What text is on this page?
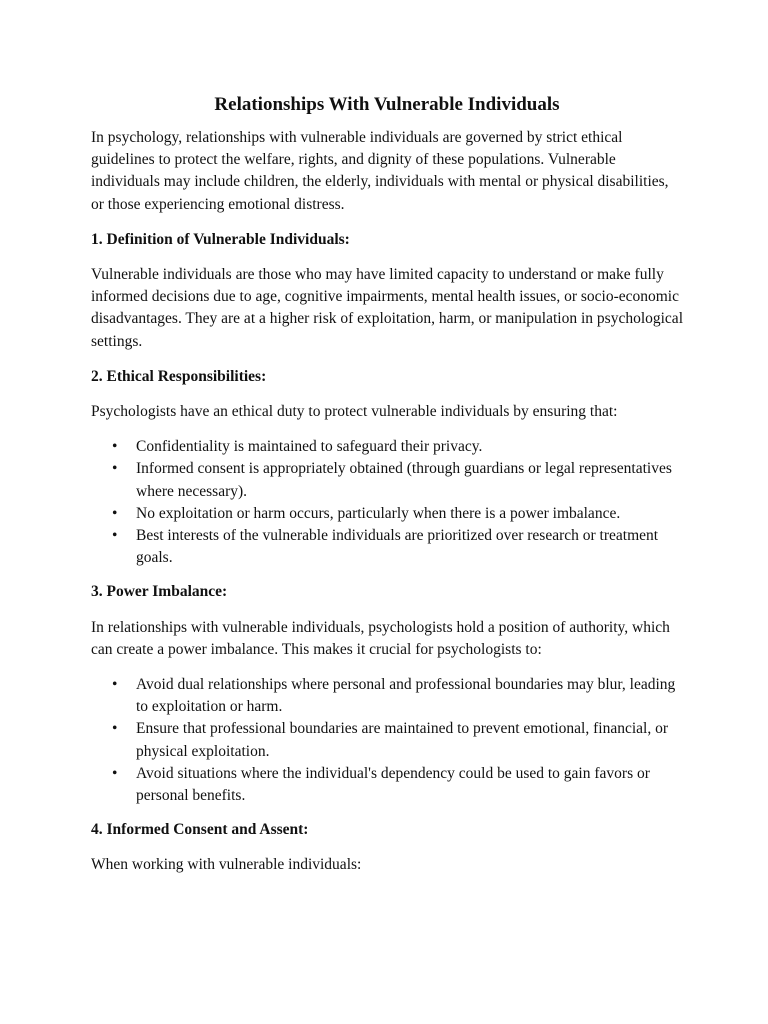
Relationships With Vulnerable Individuals

In psychology, relationships with vulnerable individuals are governed by strict ethical guidelines to protect the welfare, rights, and dignity of these populations. Vulnerable individuals may include children, the elderly, individuals with mental or physical disabilities, or those experiencing emotional distress.

1. Definition of Vulnerable Individuals:

Vulnerable individuals are those who may have limited capacity to understand or make fully informed decisions due to age, cognitive impairments, mental health issues, or socio-economic disadvantages. They are at a higher risk of exploitation, harm, or manipulation in psychological settings.

2. Ethical Responsibilities:

Psychologists have an ethical duty to protect vulnerable individuals by ensuring that:

• Confidentiality is maintained to safeguard their privacy.
• Informed consent is appropriately obtained (through guardians or legal representatives where necessary).
• No exploitation or harm occurs, particularly when there is a power imbalance.
• Best interests of the vulnerable individuals are prioritized over research or treatment goals.

3. Power Imbalance:

In relationships with vulnerable individuals, psychologists hold a position of authority, which can create a power imbalance. This makes it crucial for psychologists to:

• Avoid dual relationships where personal and professional boundaries may blur, leading to exploitation or harm.
• Ensure that professional boundaries are maintained to prevent emotional, financial, or physical exploitation.
• Avoid situations where the individual's dependency could be used to gain favors or personal benefits.

4. Informed Consent and Assent:

When working with vulnerable individuals:
